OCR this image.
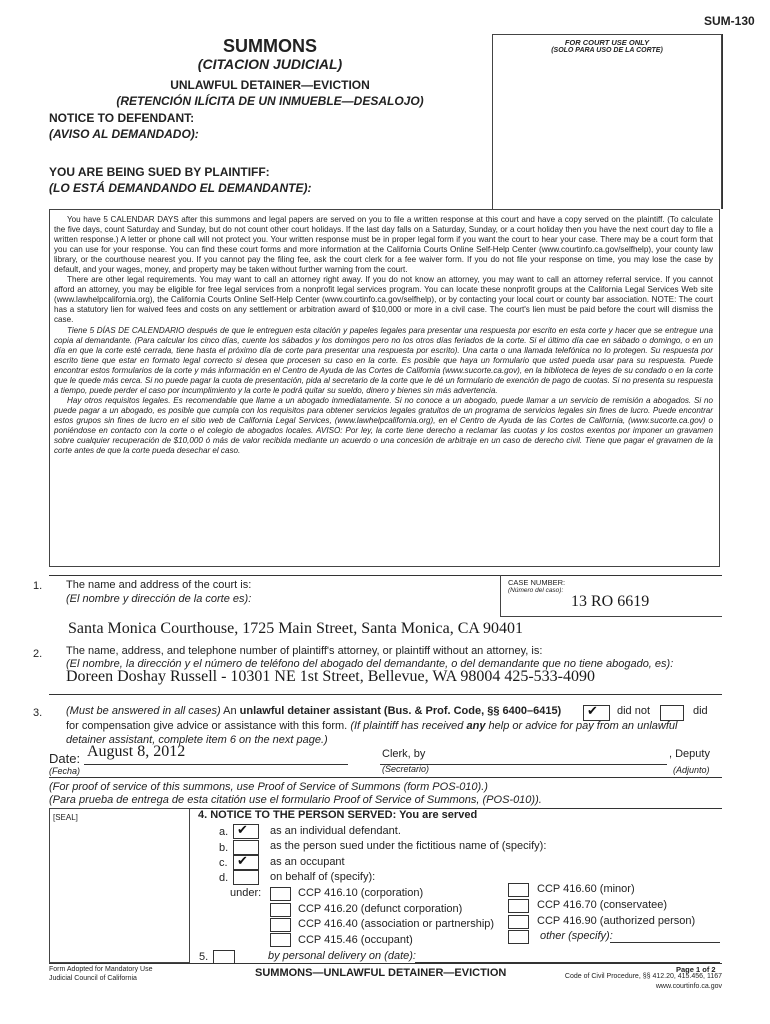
SUM-130
FOR COURT USE ONLY
(SOLO PARA USO DE LA CORTE)
SUMMONS
(CITACION JUDICIAL)
UNLAWFUL DETAINER—EVICTION
(RETENCIÓN ILÍCITA DE UN INMUEBLE—DESALOJO)
NOTICE TO DEFENDANT:
(AVISO AL DEMANDADO):
YOU ARE BEING SUED BY PLAINTIFF:
(LO ESTÁ DEMANDANDO EL DEMANDANTE):

You have 5 CALENDAR DAYS after this summons and legal papers are served on you to file a written response at this court and have a copy served on the plaintiff. (To calculate the five days, count Saturday and Sunday, but do not count other court holidays. If the last day falls on a Saturday, Sunday, or a court holiday then you have the next court day to file a written response.) A letter or phone call will not protect you. Your written response must be in proper legal form if you want the court to hear your case. There may be a court form that you can use for your response. You can find these court forms and more information at the California Courts Online Self-Help Center (www.courtinfo.ca.gov/selfhelp), your county law library, or the courthouse nearest you. If you cannot pay the filing fee, ask the court clerk for a fee waiver form. If you do not file your response on time, you may lose the case by default, and your wages, money, and property may be taken without further warning from the court.

There are other legal requirements. You may want to call an attorney right away. If you do not know an attorney, you may want to call an attorney referral service. If you cannot afford an attorney, you may be eligible for free legal services from a nonprofit legal services program. You can locate these nonprofit groups at the California Legal Services Web site (www.lawhelpcalifornia.org), the California Courts Online Self-Help Center (www.courtinfo.ca.gov/selfhelp), or by contacting your local court or county bar association. NOTE: The court has a statutory lien for waived fees and costs on any settlement or arbitration award of $10,000 or more in a civil case. The court's lien must be paid before the court will dismiss the case.

Tiene 5 DÍAS DE CALENDARIO después de que le entreguen esta citación y papeles legales para presentar una respuesta por escrito en esta corte y hacer que se entregue una copia al demandante. (Para calcular los cinco días, cuente los sábados y los domingos pero no los otros días feriados de la corte. Si el último día cae en sábado o domingo, o en un día en que la corte esté cerrada, tiene hasta el próximo día de corte para presentar una respuesta por escrito). Una carta o una llamada telefónica no lo protegen. Su respuesta por escrito tiene que estar en formato legal correcto si desea que procesen su caso en la corte. Es posible que haya un formulario que usted pueda usar para su respuesta. Puede encontrar estos formularios de la corte y más información en el Centro de Ayuda de las Cortes de California (www.sucorte.ca.gov), en la biblioteca de leyes de su condado o en la corte que le quede más cerca. Si no puede pagar la cuota de presentación, pida al secretario de la corte que le dé un formulario de exención de pago de cuotas. Si no presenta su respuesta a tiempo, puede perder el caso por incumplimiento y la corte le podrá quitar su sueldo, dinero y bienes sin más advertencia.

Hay otros requisitos legales. Es recomendable que llame a un abogado inmediatamente. Si no conoce a un abogado, puede llamar a un servicio de remisión a abogados. Si no puede pagar a un abogado, es posible que cumpla con los requisitos para obtener servicios legales gratuitos de un programa de servicios legales sin fines de lucro. Puede encontrar estos grupos sin fines de lucro en el sitio web de California Legal Services, (www.lawhelpcalifornia.org), en el Centro de Ayuda de las Cortes de California, (www.sucorte.ca.gov) o poniéndose en contacto con la corte o el colegio de abogados locales. AVISO: Por ley, la corte tiene derecho a reclamar las cuotas y los costos exentos por imponer un gravamen sobre cualquier recuperación de $10,000 ó más de valor recibida mediante un acuerdo o una concesión de arbitraje en un caso de derecho civil. Tiene que pagar el gravamen de la corte antes de que la corte pueda desechar el caso.

1. The name and address of the court is:
(El nombre y dirección de la corte es):
CASE NUMBER:
(Número del caso):
13 RO 6619
Santa Monica Courthouse, 1725 Main Street, Santa Monica, CA 90401
2. The name, address, and telephone number of plaintiff's attorney, or plaintiff without an attorney, is:
(El nombre, la dirección y el número de teléfono del abogado del demandante, o del demandante que no tiene abogado, es):
Doreen Doshay Russell - 10301 NE 1st Street, Bellevue, WA 98004 425-533-4090
3. (Must be answered in all cases) An unlawful detainer assistant (Bus. & Prof. Code, §§ 6400–6415) ✔	did not	did
for compensation give advice or assistance with this form. (If plaintiff has received any help or advice for pay from an unlawful
detainer assistant, complete item 6 on the next page.)
Date: August 8, 2012
(Fecha)
Clerk, by
(Secretario)
, Deputy
(Adjunto)
(For proof of service of this summons, use Proof of Service of Summons (form POS-010).)
(Para prueba de entrega de esta citatión use el formulario Proof of Service of Summons, (POS-010)).
[SEAL]	4. NOTICE TO THE PERSON SERVED: You are served
a. ✔	as an individual defendant.
b.	as the person sued under the fictitious name of (specify):
c. ✔	as an occupant
d.	on behalf of (specify):
under:	CCP 416.10 (corporation)
CCP 416.20 (defunct corporation)
CCP 416.40 (association or partnership)
CCP 415.46 (occupant)
CCP 416.60 (minor)
CCP 416.70 (conservatee)
CCP 416.90 (authorized person)
other (specify):
5.	by personal delivery on (date):
Form Adopted for Mandatory Use
Judicial Council of California	SUMMONS—UNLAWFUL DETAINER—EVICTION	Page 1 of 2
Code of Civil Procedure, §§ 412.20, 415.456, 1167
www.courtinfo.ca.gov
